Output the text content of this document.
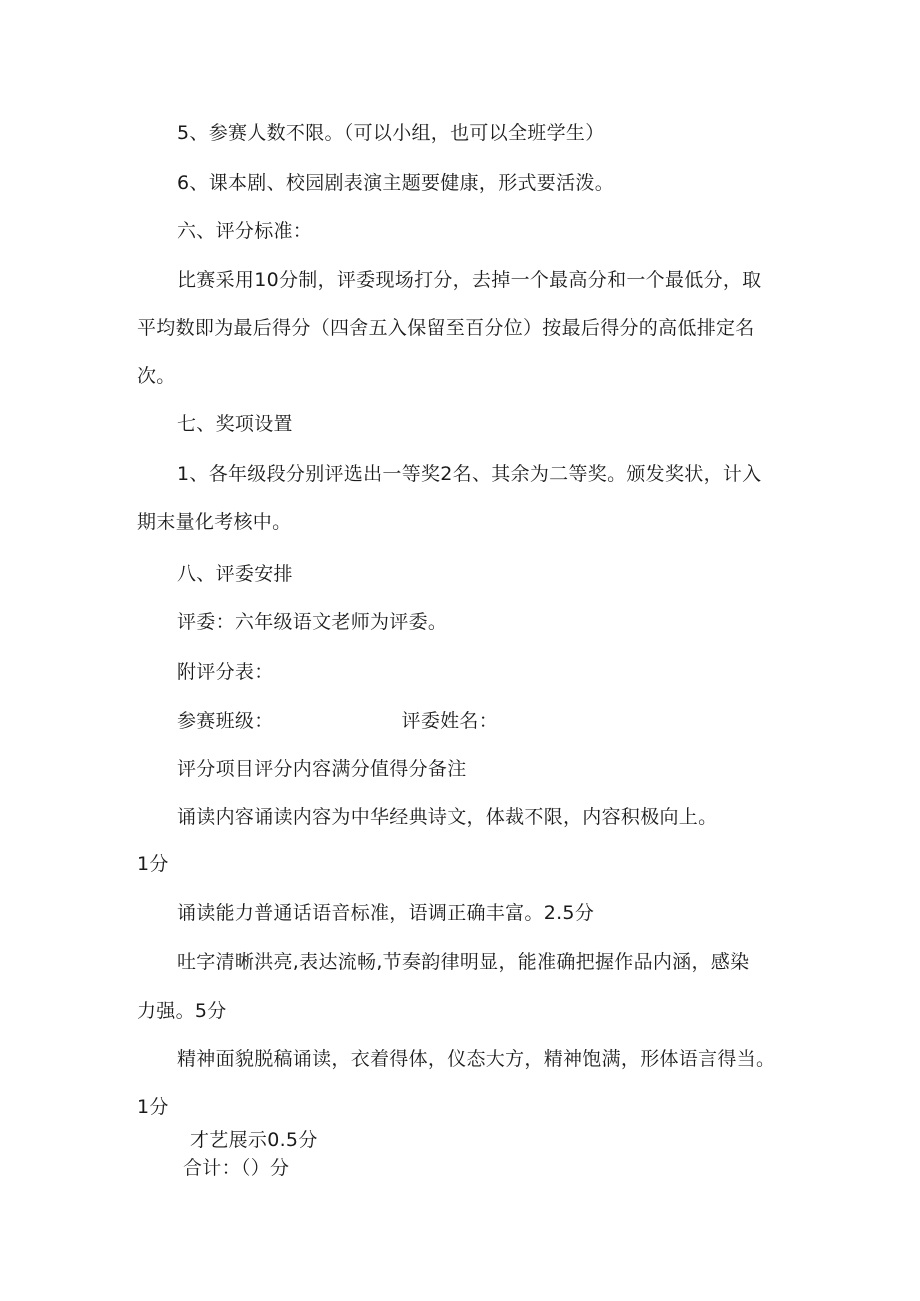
5、参赛人数不限。（可以小组，也可以全班学生）
6、课本剧、校园剧表演主题要健康，形式要活泼。
六、评分标准：
比赛采用10分制，评委现场打分，去掉一个最高分和一个最低分，取
平均数即为最后得分（四舍五入保留至百分位）按最后得分的高低排定名
次。
七、奖项设置
1、各年级段分别评选出一等奖2名、其余为二等奖。颁发奖状，计入
期末量化考核中。
八、评委安排
评委：六年级语文老师为评委。
附评分表：
参赛班级：	评委姓名：
评分项目评分内容满分值得分备注
诵读内容诵读内容为中华经典诗文，体裁不限，内容积极向上。
1分
诵读能力普通话语音标准，语调正确丰富。2.5分
吐字清晰洪亮,表达流畅,节奏韵律明显，能准确把握作品内涵，感染
力强。5分
精神面貌脱稿诵读，衣着得体，仪态大方，精神饱满，形体语言得当。
1分
才艺展示0.5分
合计：（）分
